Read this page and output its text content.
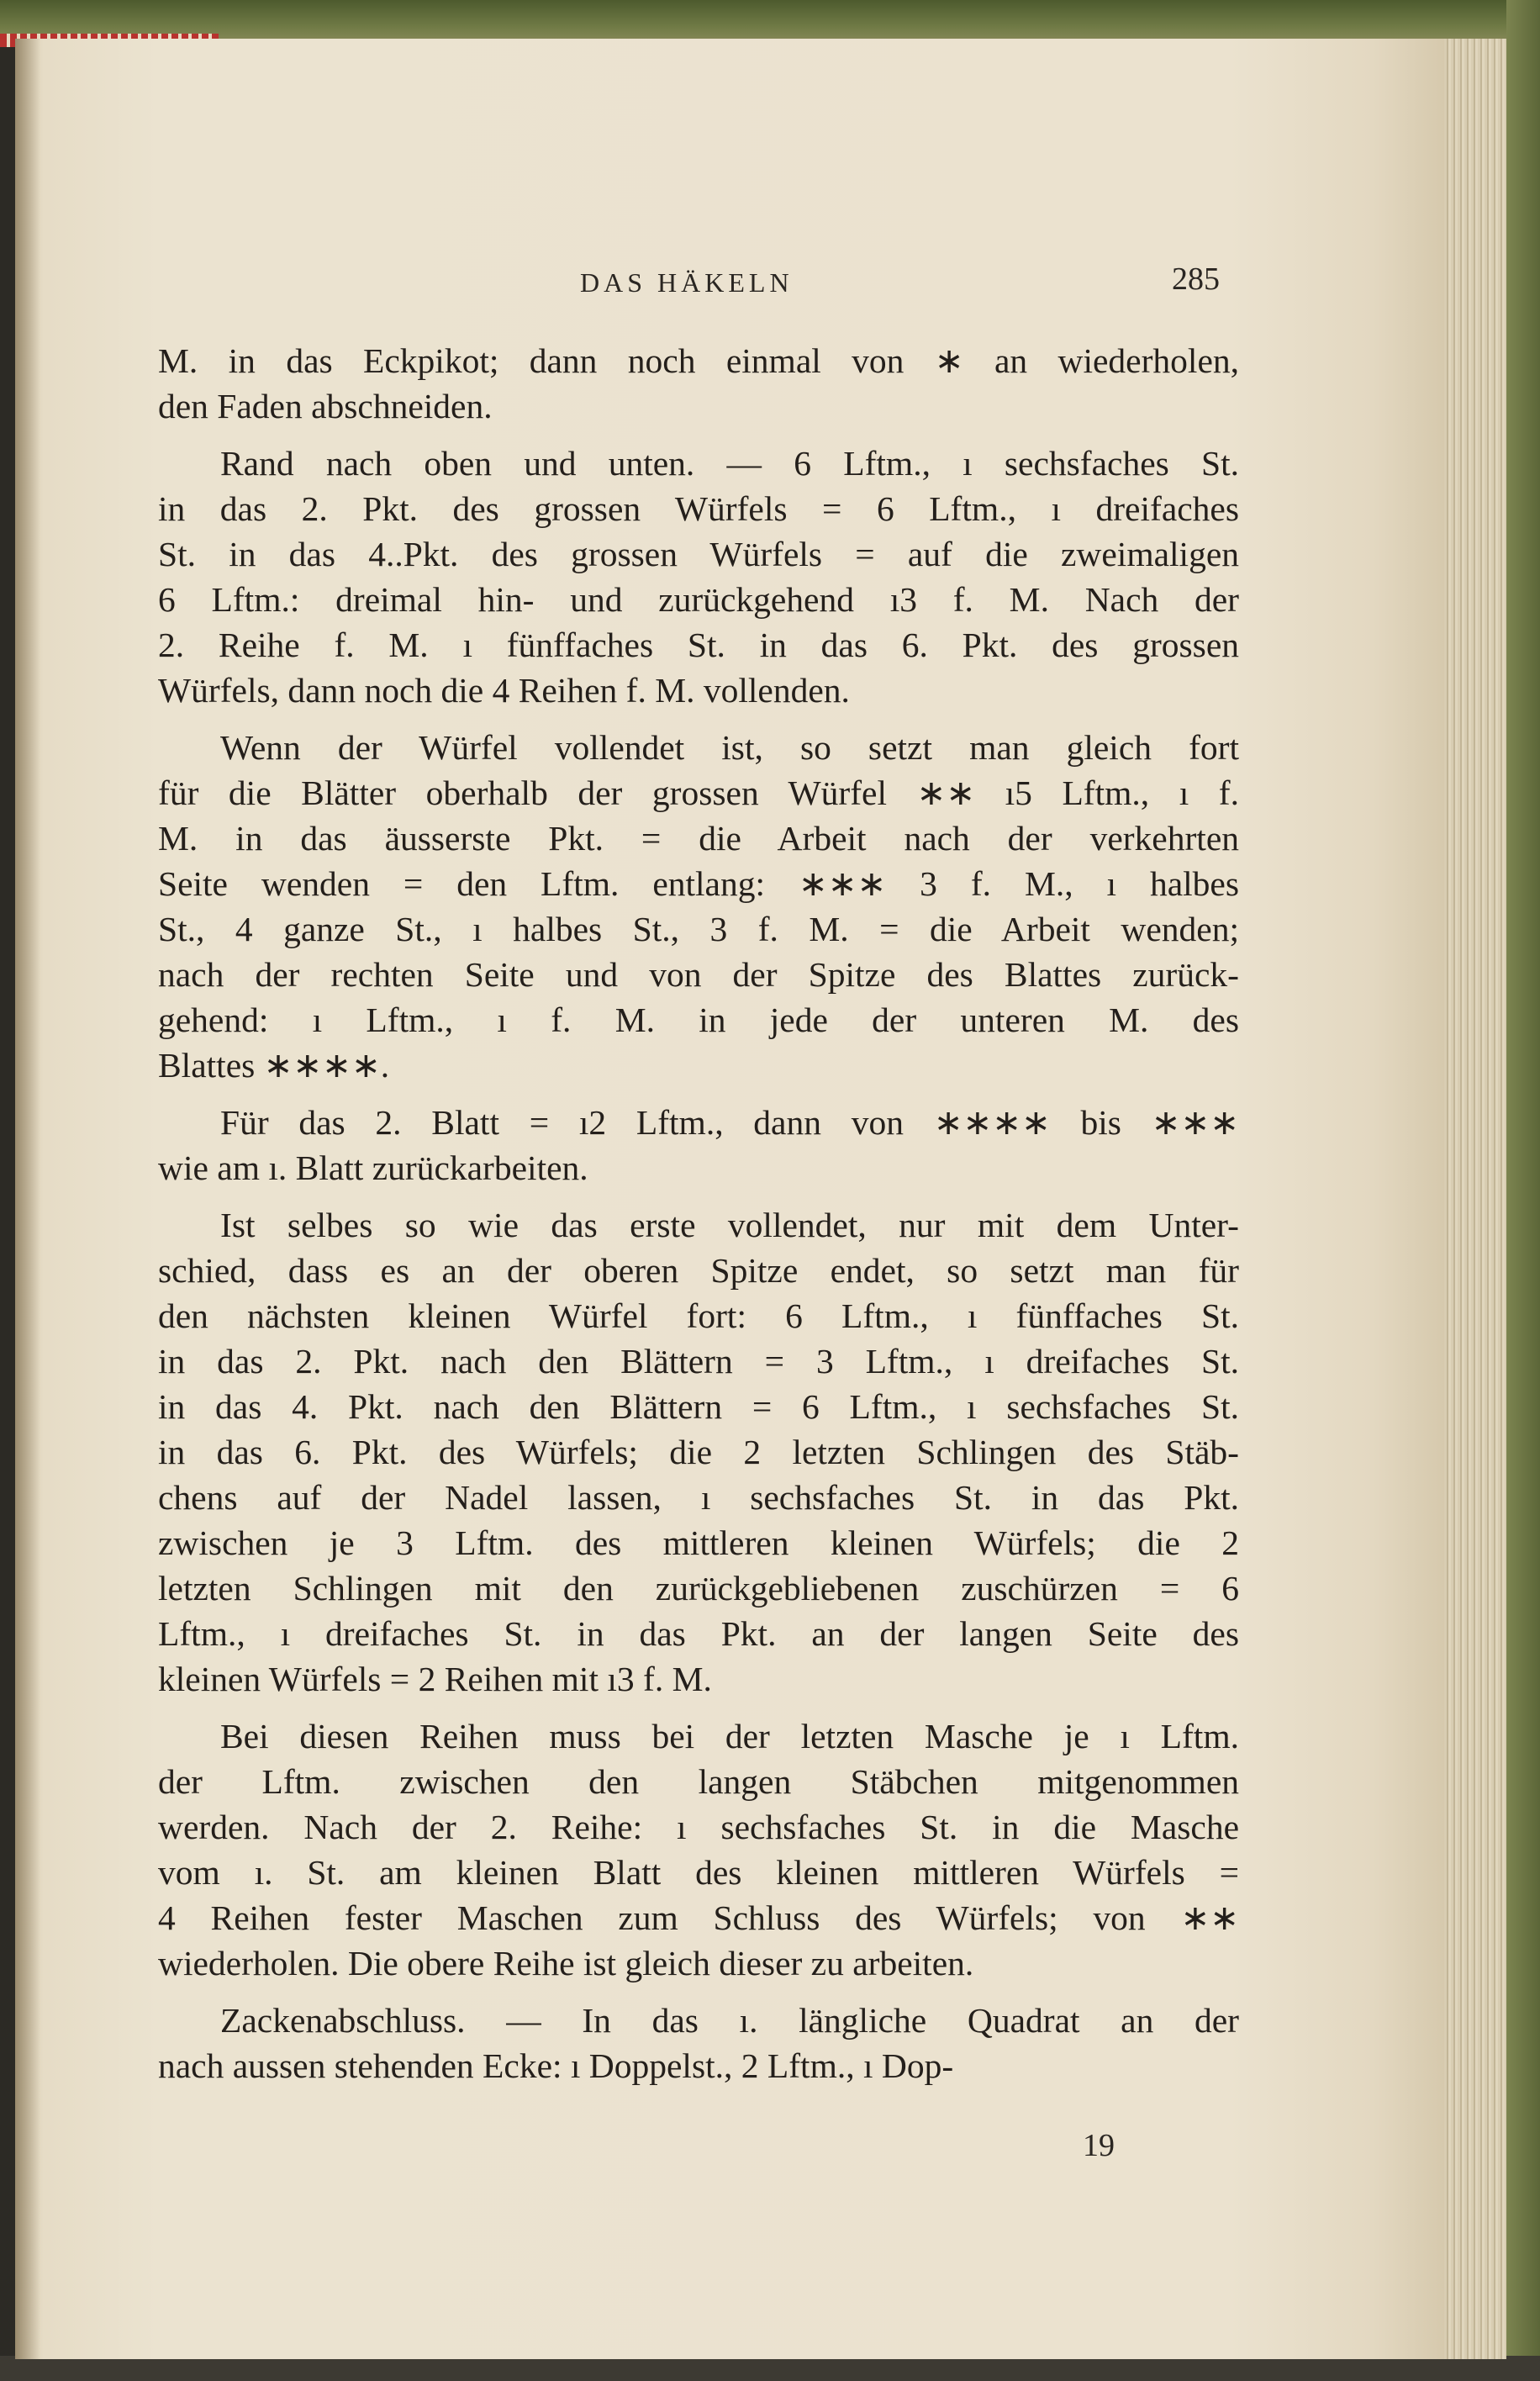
DAS HÄKELN	285
M. in das Eckpikot; dann noch einmal von ∗ an wiederholen,
den Faden abschneiden.
Rand nach oben und unten. — 6 Lftm., ı sechsfaches St.
in das 2. Pkt. des grossen Würfels = 6 Lftm., ı dreifaches
St. in das 4..Pkt. des grossen Würfels = auf die zweimaligen
6 Lftm.: dreimal hin- und zurückgehend ı3 f. M. Nach der
2. Reihe f. M. ı fünffaches St. in das 6. Pkt. des grossen
Würfels, dann noch die 4 Reihen f. M. vollenden.
Wenn der Würfel vollendet ist, so setzt man gleich fort
für die Blätter oberhalb der grossen Würfel ∗∗ ı5 Lftm., ı f.
M. in das äusserste Pkt. = die Arbeit nach der verkehrten
Seite wenden = den Lftm. entlang: ∗∗∗ 3 f. M., ı halbes
St., 4 ganze St., ı halbes St., 3 f. M. = die Arbeit wenden;
nach der rechten Seite und von der Spitze des Blattes zurück-
gehend: ı Lftm., ı f. M. in jede der unteren M. des
Blattes ∗∗∗∗.
Für das 2. Blatt = ı2 Lftm., dann von ∗∗∗∗ bis ∗∗∗
wie am ı. Blatt zurückarbeiten.
Ist selbes so wie das erste vollendet, nur mit dem Unter-
schied, dass es an der oberen Spitze endet, so setzt man für
den nächsten kleinen Würfel fort: 6 Lftm., ı fünffaches St.
in das 2. Pkt. nach den Blättern = 3 Lftm., ı dreifaches St.
in das 4. Pkt. nach den Blättern = 6 Lftm., ı sechsfaches St.
in das 6. Pkt. des Würfels; die 2 letzten Schlingen des Stäb-
chens auf der Nadel lassen, ı sechsfaches St. in das Pkt.
zwischen je 3 Lftm. des mittleren kleinen Würfels; die 2
letzten Schlingen mit den zurückgebliebenen zuschürzen = 6
Lftm., ı dreifaches St. in das Pkt. an der langen Seite des
kleinen Würfels = 2 Reihen mit ı3 f. M.
Bei diesen Reihen muss bei der letzten Masche je ı Lftm.
der Lftm. zwischen den langen Stäbchen mitgenommen
werden. Nach der 2. Reihe: ı sechsfaches St. in die Masche
vom ı. St. am kleinen Blatt des kleinen mittleren Würfels =
4 Reihen fester Maschen zum Schluss des Würfels; von ∗∗
wiederholen. Die obere Reihe ist gleich dieser zu arbeiten.
Zackenabschluss. — In das ı. längliche Quadrat an der
nach aussen stehenden Ecke: ı Doppelst., 2 Lftm., ı Dop-
19
